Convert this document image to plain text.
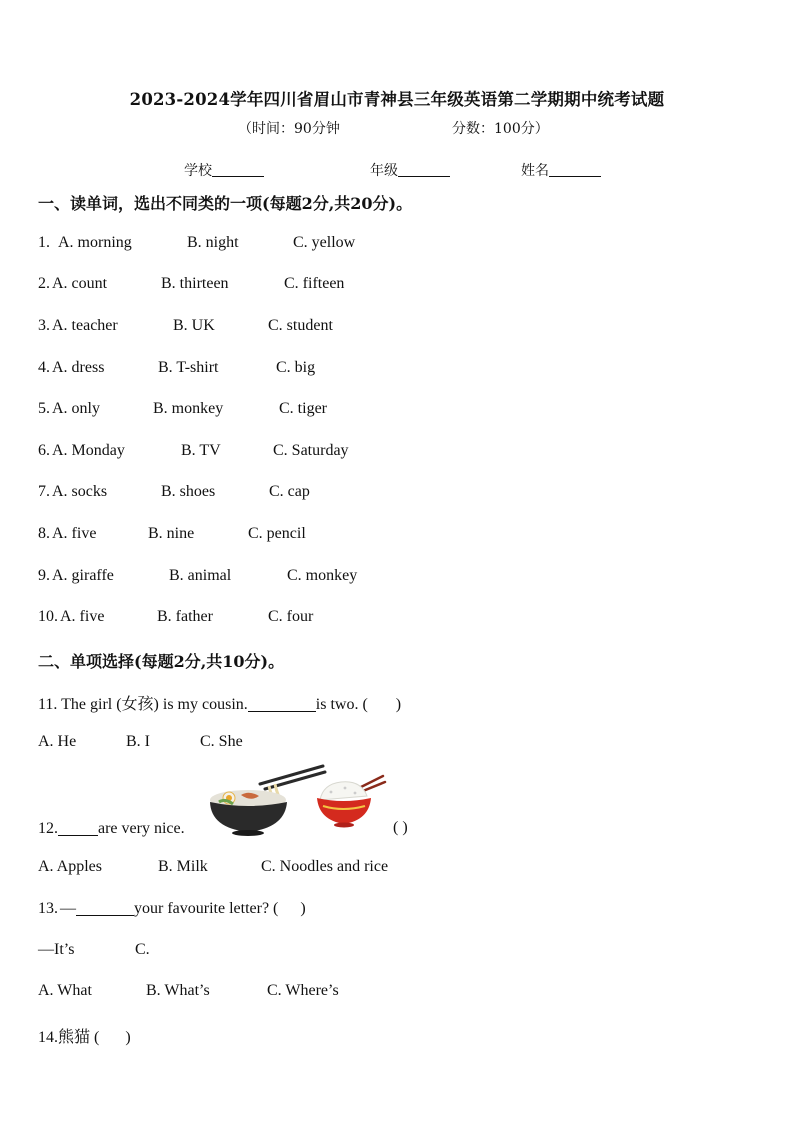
2023-2024学年四川省眉山市青神县三年级英语第二学期期中统考试题
（时间：90分钟	分数：100分）
学校	年级	姓名
一、读单词，选出不同类的一项(每题2分,共20分)。
1.A. morning	B. night	C. yellow
2. A. count	B. thirteen	C. fifteen
3. A. teacher	B. UK	C. student
4. A. dress	B. T-shirt	C. big
5. A. only	B. monkey	C. tiger
6. A. Monday	B. TV	C. Saturday
7. A. socks	B. shoes	C. cap
8. A. five	B. nine	C. pencil
9. A. giraffe	B. animal	C. monkey
10. A. five	B. father	C. four
二、单项选择(每题2分,共10分)。
11. The girl (女孩) is my cousin.	is two. ( )
A. He	B. I	C. She
12.	are very nice.	( )
A. Apples	B. Milk	C. Noodles and rice
13. —	your favourite letter? ( )
—It’s	C.
A. What	B. What’s	C. Where’s
14.熊猫 ( )
